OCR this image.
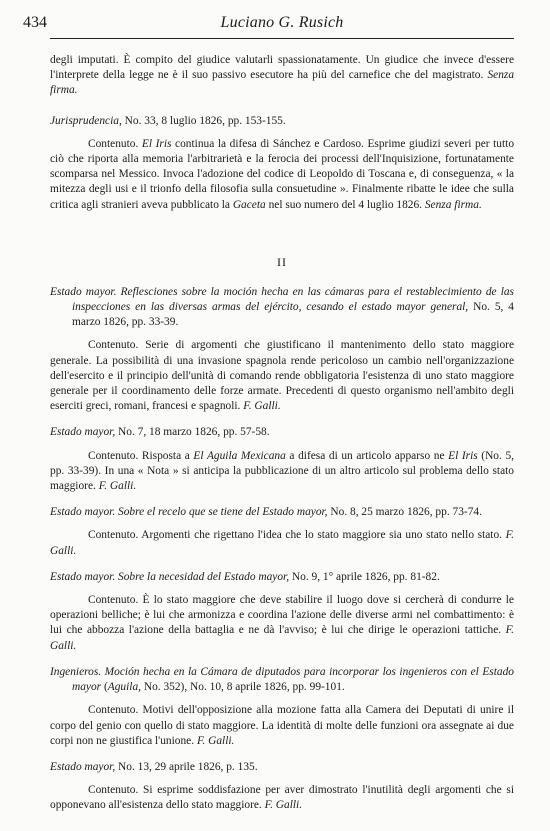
434	Luciano G. Rusich

degli imputati. È compito del giudice valutarli spassionatamente. Un giudice che invece d'essere l'interprete della legge ne è il suo passivo esecutore ha più del carnefice che del magistrato. Senza firma.

Jurisprudencia, No. 33, 8 luglio 1826, pp. 153-155.

Contenuto. El Iris continua la difesa di Sánchez e Cardoso. Esprime giudizi severi per tutto ciò che riporta alla memoria l'arbitrarietà e la ferocia dei processi dell'Inquisizione, fortunatamente scomparsa nel Messico. Invoca l'adozione del codice di Leopoldo di Toscana e, di conseguenza, « la mitezza degli usi e il trionfo della filosofia sulla consuetudine ». Finalmente ribatte le idee che sulla critica agli stranieri aveva pubblicato la Gaceta nel suo numero del 4 luglio 1826. Senza firma.

II

Estado mayor. Reflesciones sobre la moción hecha en las cámaras para el restablecimiento de las inspecciones en las diversas armas del ejército, cesando el estado mayor general, No. 5, 4 marzo 1826, pp. 33-39.

Contenuto. Serie di argomenti che giustificano il mantenimento dello stato maggiore generale. La possibilità di una invasione spagnola rende pericoloso un cambio nell'organizzazione dell'esercito e il principio dell'unità di comando rende obbligatoria l'esistenza di uno stato maggiore generale per il coordinamento delle forze armate. Precedenti di questo organismo nell'ambito degli eserciti greci, romani, francesi e spagnoli. F. Galli.

Estado mayor, No. 7, 18 marzo 1826, pp. 57-58.

Contenuto. Risposta a El Aguila Mexicana a difesa di un articolo apparso ne El Iris (No. 5, pp. 33-39). In una « Nota » si anticipa la pubblicazione di un altro articolo sul problema dello stato maggiore. F. Galli.

Estado mayor. Sobre el recelo que se tiene del Estado mayor, No. 8, 25 marzo 1826, pp. 73-74.

Contenuto. Argomenti che rigettano l'idea che lo stato maggiore sia uno stato nello stato. F. Galli.

Estado mayor. Sobre la necesidad del Estado mayor, No. 9, 1° aprile 1826, pp. 81-82.

Contenuto. È lo stato maggiore che deve stabilire il luogo dove si cercherà di condurre le operazioni belliche; è lui che armonizza e coordina l'azione delle diverse armi nel combattimento: è lui che abbozza l'azione della battaglia e ne dà l'avviso; è lui che dirige le operazioni tattiche. F. Galli.

Ingenieros. Moción hecha en la Cámara de diputados para incorporar los ingenieros con el Estado mayor (Aguila, No. 352), No. 10, 8 aprile 1826, pp. 99-101.

Contenuto. Motivi dell'opposizione alla mozione fatta alla Camera dei Deputati di unire il corpo del genio con quello di stato maggiore. La identità di molte delle funzioni ora assegnate ai due corpi non ne giustifica l'unione. F. Galli.

Estado mayor, No. 13, 29 aprile 1826, p. 135.

Contenuto. Si esprime soddisfazione per aver dimostrato l'inutilità degli argomenti che si opponevano all'esistenza dello stato maggiore. F. Galli.
